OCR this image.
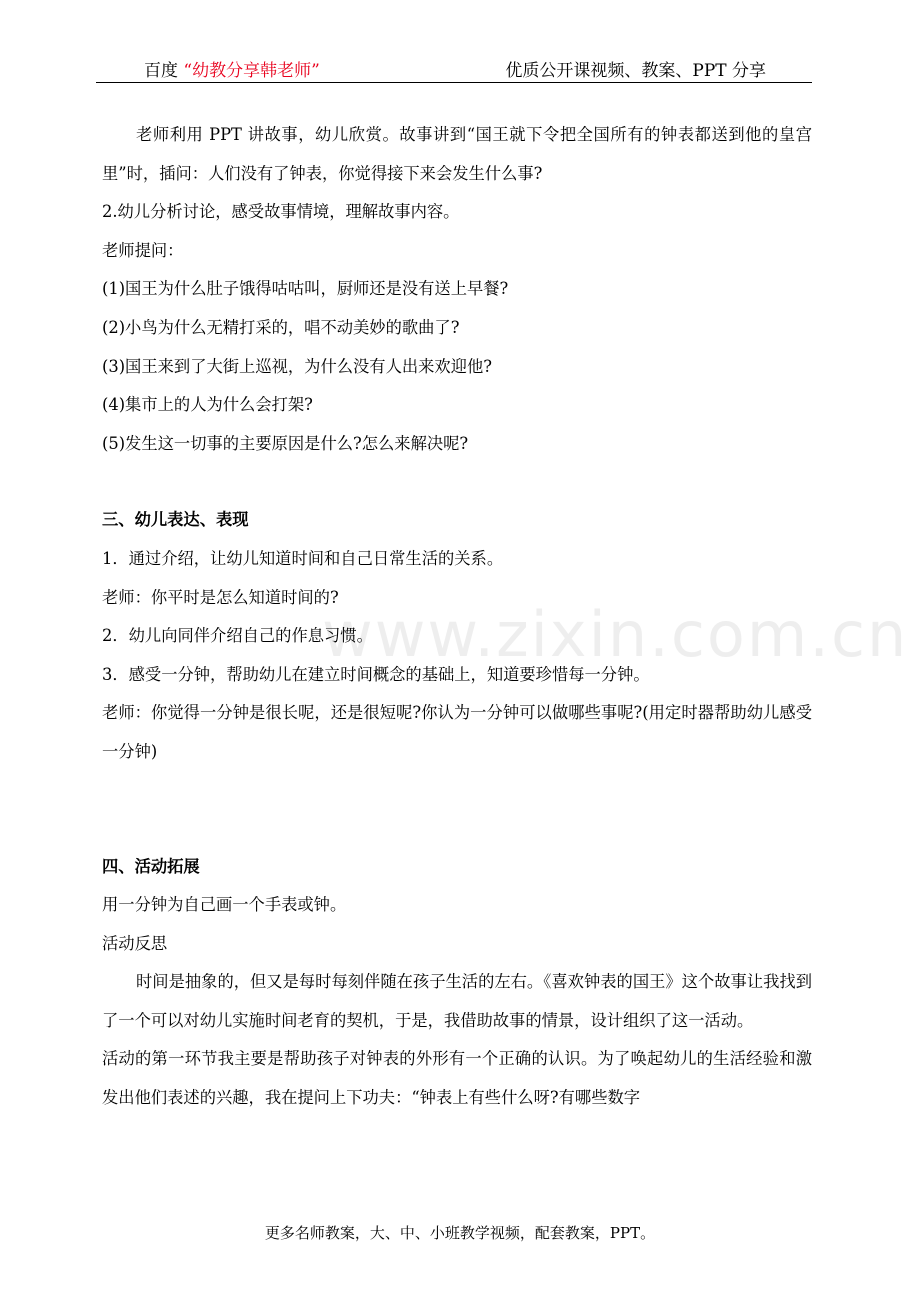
百度 “幼教分享韩老师”	优质公开课视频、教案、PPT 分享
www.zixin.com.cn

老师利用 PPT 讲故事，幼儿欣赏。故事讲到“国王就下令把全国所有的钟表都送到他的皇宫里”时，插问：人们没有了钟表，你觉得接下来会发生什么事?

2.幼儿分析讨论，感受故事情境，理解故事内容。

老师提问：

(1)国王为什么肚子饿得咕咕叫，厨师还是没有送上早餐?

(2)小鸟为什么无精打采的，唱不动美妙的歌曲了?

(3)国王来到了大街上巡视，为什么没有人出来欢迎他?

(4)集市上的人为什么会打架?

(5)发生这一切事的主要原因是什么?怎么来解决呢?

三、幼儿表达、表现

1．通过介绍，让幼儿知道时间和自己日常生活的关系。

老师：你平时是怎么知道时间的?

2．幼儿向同伴介绍自己的作息习惯。

3．感受一分钟，帮助幼儿在建立时间概念的基础上，知道要珍惜每一分钟。

老师：你觉得一分钟是很长呢，还是很短呢?你认为一分钟可以做哪些事呢?(用定时器帮助幼儿感受一分钟)

四、活动拓展

用一分钟为自己画一个手表或钟。

活动反思

时间是抽象的，但又是每时每刻伴随在孩子生活的左右。《喜欢钟表的国王》这个故事让我找到了一个可以对幼儿实施时间老育的契机，于是，我借助故事的情景，设计组织了这一活动。

活动的第一环节我主要是帮助孩子对钟表的外形有一个正确的认识。为了唤起幼儿的生活经验和激发出他们表述的兴趣，我在提问上下功夫：“钟表上有些什么呀?有哪些数字

更多名师教案，大、中、小班教学视频，配套教案，PPT。
